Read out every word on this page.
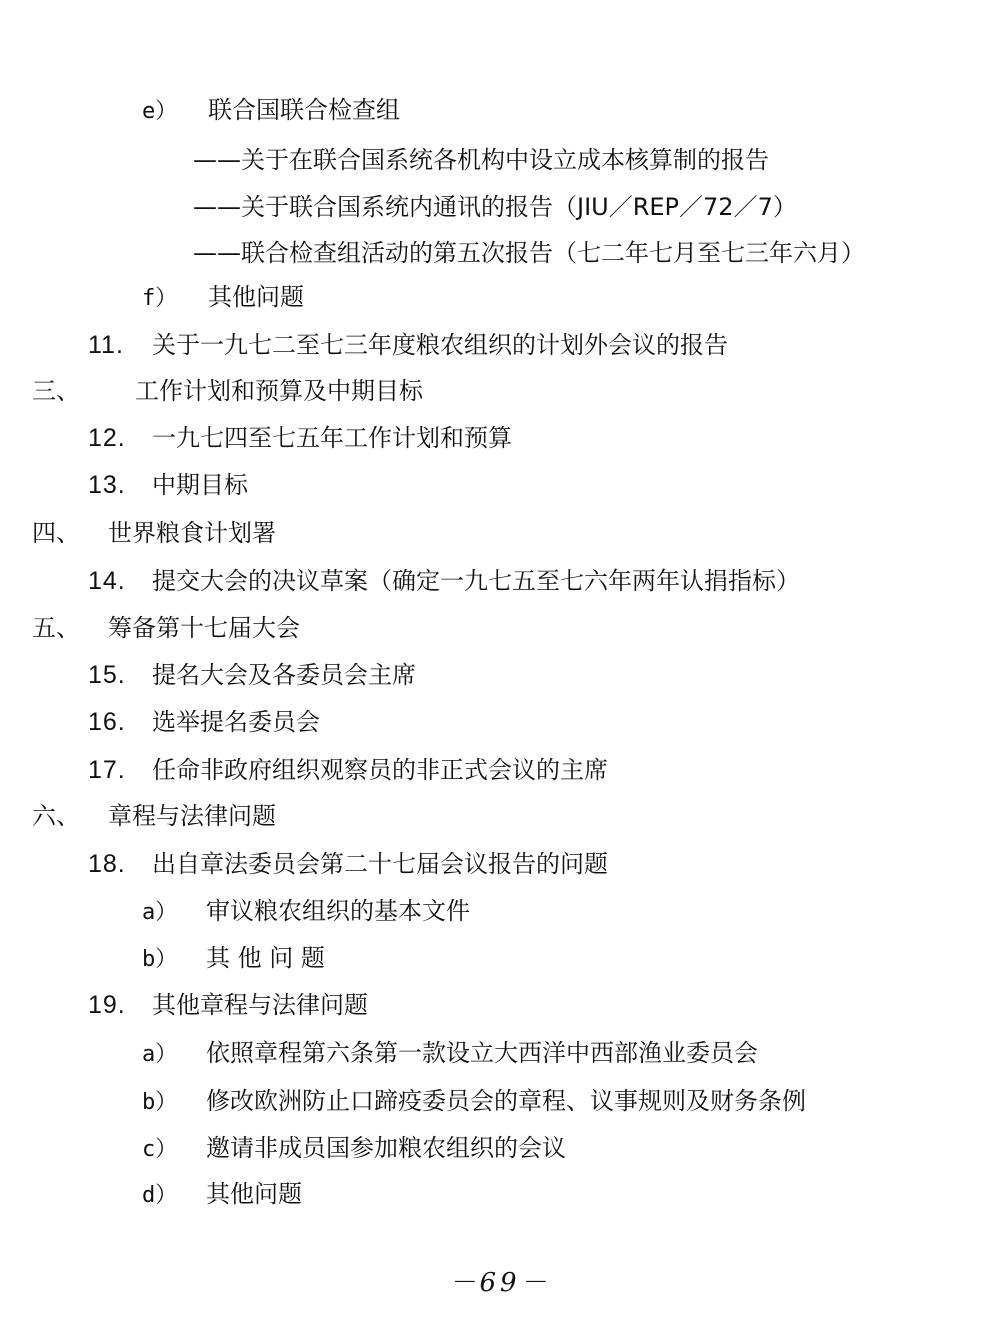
e） 联合国联合检查组
——关于在联合国系统各机构中设立成本核算制的报告
——关于联合国系统内通讯的报告（JIU／REP／72／7）
——联合检查组活动的第五次报告（七二年七月至七三年六月）
f） 其他问题
11. 关于一九七二至七三年度粮农组织的计划外会议的报告
三、 工作计划和预算及中期目标
12. 一九七四至七五年工作计划和预算
13. 中期目标
四、 世界粮食计划署
14. 提交大会的决议草案（确定一九七五至七六年两年认捐指标）
五、 筹备第十七届大会
15. 提名大会及各委员会主席
16. 选举提名委员会
17. 任命非政府组织观察员的非正式会议的主席
六、 章程与法律问题
18. 出自章法委员会第二十七届会议报告的问题
a） 审议粮农组织的基本文件
b） 其 他 问 题
19. 其他章程与法律问题
a） 依照章程第六条第一款设立大西洋中西部渔业委员会
b） 修改欧洲防止口蹄疫委员会的章程、议事规则及财务条例
c） 邀请非成员国参加粮农组织的会议
d） 其他问题
－69－
